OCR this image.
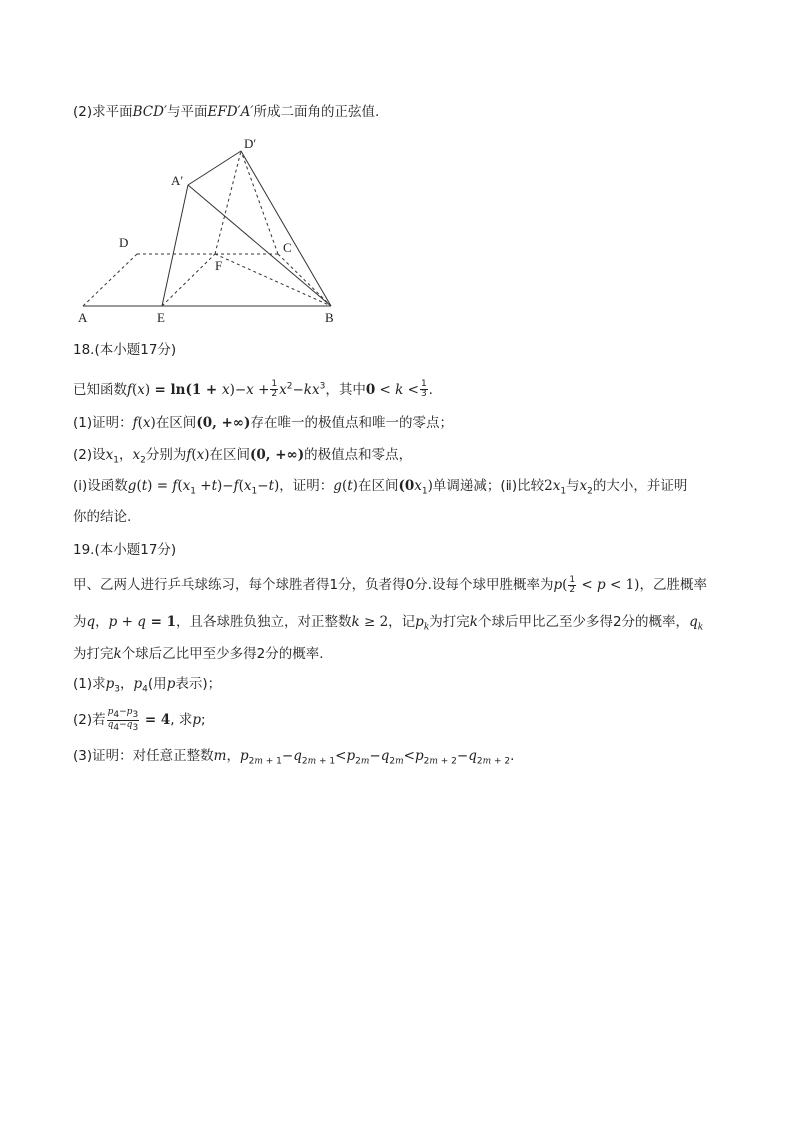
(2)求平面BCD′与平面EFD′A′所成二面角的正弦值.
A	E	B
D
F
C
A′
D′
18.(本小题17分)
已知函数$f(x) = \ln(1 + x)-x + \frac{1}{2} x^2-kx^3$，其中$0 < k < \frac{1}{3}$ .
(1)证明：f(x)在区间(0, +∞)存在唯一的极值点和唯一的零点；
(2)设$x_1$，$x_2$分别为f(x)在区间(0, +∞)的极值点和零点，
(ⅰ)设函数$g(t) = f(x_1 +t)-f(x_1-t)$，证明：g(t)在区间$(0x_1)$单调递减；(ⅱ)比较$2x_1$与$x_2$的大小，并证明
你的结论.
19.(本小题17分)
甲、乙两人进行乒乓球练习，每个球胜者得1分，负者得0分.设每个球甲胜概率为$p( \frac{1}{2} < p < 1)$，乙胜概率
为q，p + q = 1，且各球胜负独立，对正整数k ≥ 2，记$p_k$为打完k个球后甲比乙至少多得2分的概率，$q_k$
为打完k个球后乙比甲至少多得2分的概率.
(1)求$p_3$，$p_4$(用p表示)；
(2)若 $\frac{p_4-p_3}{q_4-q_3} = 4$, 求p;
(3)证明：对任意正整数m，$p_{2m + 1}-q_{2m + 1}<p_{2m}-q_{2m}<p_{2m + 2}-q_{2m + 2}$.
